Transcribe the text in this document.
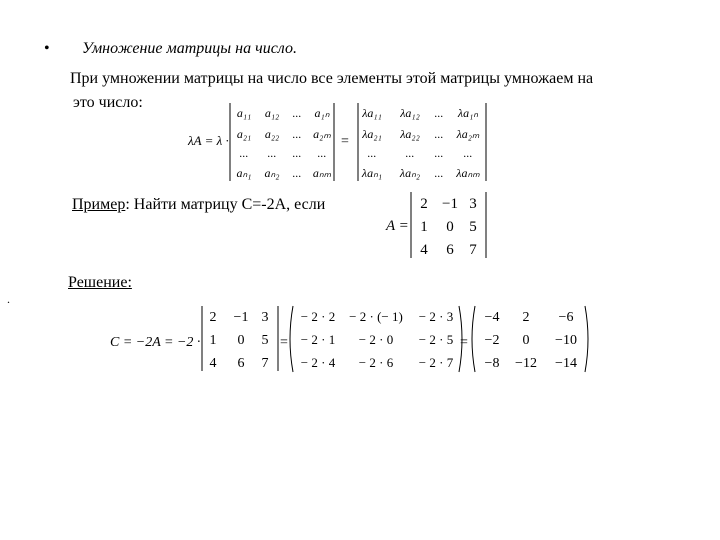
• Умножение матрицы на число.
При умножении матрицы на число все элементы этой матрицы умножаем на
это число:
Пример: Найти матрицу С=-2А, если
Решение:
.
λA = λ ·
a₁₁ a₁₂ ... a₁ₙ
a₂₁ a₂₂ ... a₂ₘ
... ... ... ...
aₙ₁ aₙ₂ ... aₙₘ
=
λa₁₁ λa₁₂ ... λa₁ₙ
λa₂₁ λa₂₂ ... λa₂ₘ
... ... ... ...
λaₙ₁ λaₙ₂ ... λaₙₘ
A =
2 −1 3
1 0 5
4 6 7
C = −2A = −2 ·
2 −1 3
1 0 5
4 6 7
=
− 2 · 2 − 2 · (− 1) − 2 · 3
− 2 · 1 − 2 · 0 − 2 · 5
− 2 · 4 − 2 · 6 − 2 · 7
=
−4 2 −6
−2 0 −10
−8 −12 −14
